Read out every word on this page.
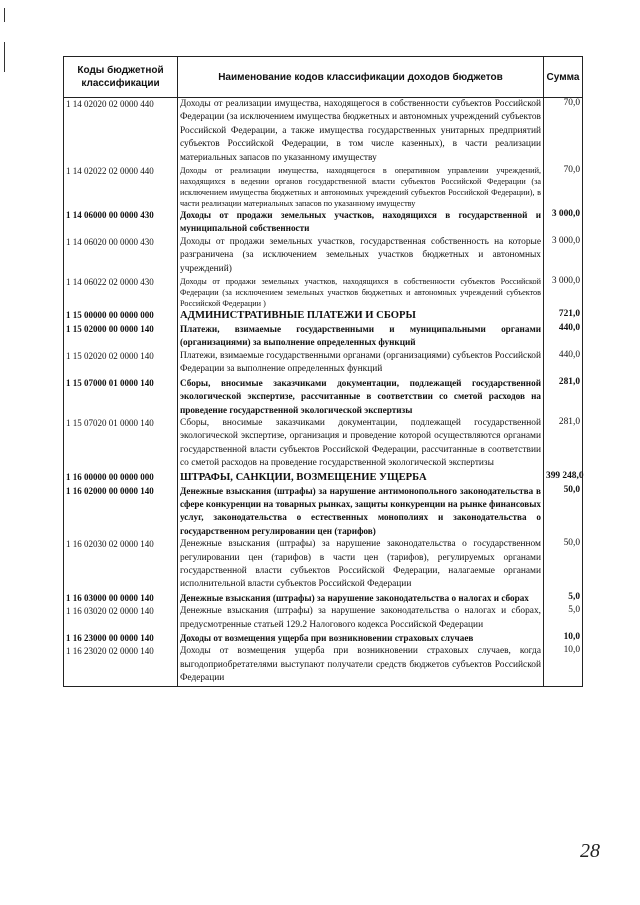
Коды бюджетной классификации	Наименование кодов классификации доходов бюджетов	Сумма
1 14 02020 02 0000 440	Доходы от реализации имущества, находящегося в собственности субъектов Российской Федерации (за исключением имущества бюджетных и автономных учреждений субъектов Российской Федерации, а также имущества государственных унитарных предприятий субъектов Российской Федерации, в том числе казенных), в части реализации материальных запасов по указанному имуществу	70,0
1 14 02022 02 0000 440	Доходы от реализации имущества, находящегося в оперативном управлении учреждений, находящихся в ведении органов государственной власти субъектов Российской Федерации (за исключением имущества бюджетных и автономных учреждений субъектов Российской Федерации), в части реализации материальных запасов по указанному имуществу	70,0
1 14 06000 00 0000 430	Доходы от продажи земельных участков, находящихся в государственной и муниципальной собственности	3 000,0
1 14 06020 00 0000 430	Доходы от продажи земельных участков, государственная собственность на которые разграничена (за исключением земельных участков бюджетных и автономных учреждений)	3 000,0
1 14 06022 02 0000 430	Доходы от продажи земельных участков, находящихся в собственности субъектов Российской Федерации (за исключением земельных участков бюджетных и автономных учреждений субъектов Российской Федерации )	3 000,0
1 15 00000 00 0000 000	АДМИНИСТРАТИВНЫЕ ПЛАТЕЖИ И СБОРЫ	721,0
1 15 02000 00 0000 140	Платежи, взимаемые государственными и муниципальными органами (организациями) за выполнение определенных функций	440,0
1 15 02020 02 0000 140	Платежи, взимаемые государственными органами (организациями) субъектов Российской Федерации за выполнение определенных функций	440,0
1 15 07000 01 0000 140	Сборы, вносимые заказчиками документации, подлежащей государственной экологической экспертизе, рассчитанные в соответствии со сметой расходов на проведение государственной экологической экспертизы	281,0
1 15 07020 01 0000 140	Сборы, вносимые заказчиками документации, подлежащей государственной экологической экспертизе, организация и проведение которой осуществляются органами государственной власти субъектов Российской Федерации, рассчитанные в соответствии со сметой расходов на проведение государственной экологической экспертизы	281,0
1 16 00000 00 0000 000	ШТРАФЫ, САНКЦИИ, ВОЗМЕЩЕНИЕ УЩЕРБА	399 248,0
1 16 02000 00 0000 140	Денежные взыскания (штрафы) за нарушение антимонопольного законодательства в сфере конкуренции на товарных рынках, защиты конкуренции на рынке финансовых услуг, законодательства о естественных монополиях и законодательства о государственном регулировании цен (тарифов)	50,0
1 16 02030 02 0000 140	Денежные взыскания (штрафы) за нарушение законодательства о государственном регулировании цен (тарифов) в части цен (тарифов), регулируемых органами государственной власти субъектов Российской Федерации, налагаемые органами исполнительной власти субъектов Российской Федерации	50,0
1 16 03000 00 0000 140	Денежные взыскания (штрафы) за нарушение законодательства о налогах и сборах	5,0
1 16 03020 02 0000 140	Денежные взыскания (штрафы) за нарушение законодательства о налогах и сборах, предусмотренные статьей 129.2 Налогового кодекса Российской Федерации	5,0
1 16 23000 00 0000 140	Доходы от возмещения ущерба при возникновении страховых случаев	10,0
1 16 23020 02 0000 140	Доходы от возмещения ущерба при возникновении страховых случаев, когда выгодоприобретателями выступают получатели средств бюджетов субъектов Российской Федерации	10,0
28
